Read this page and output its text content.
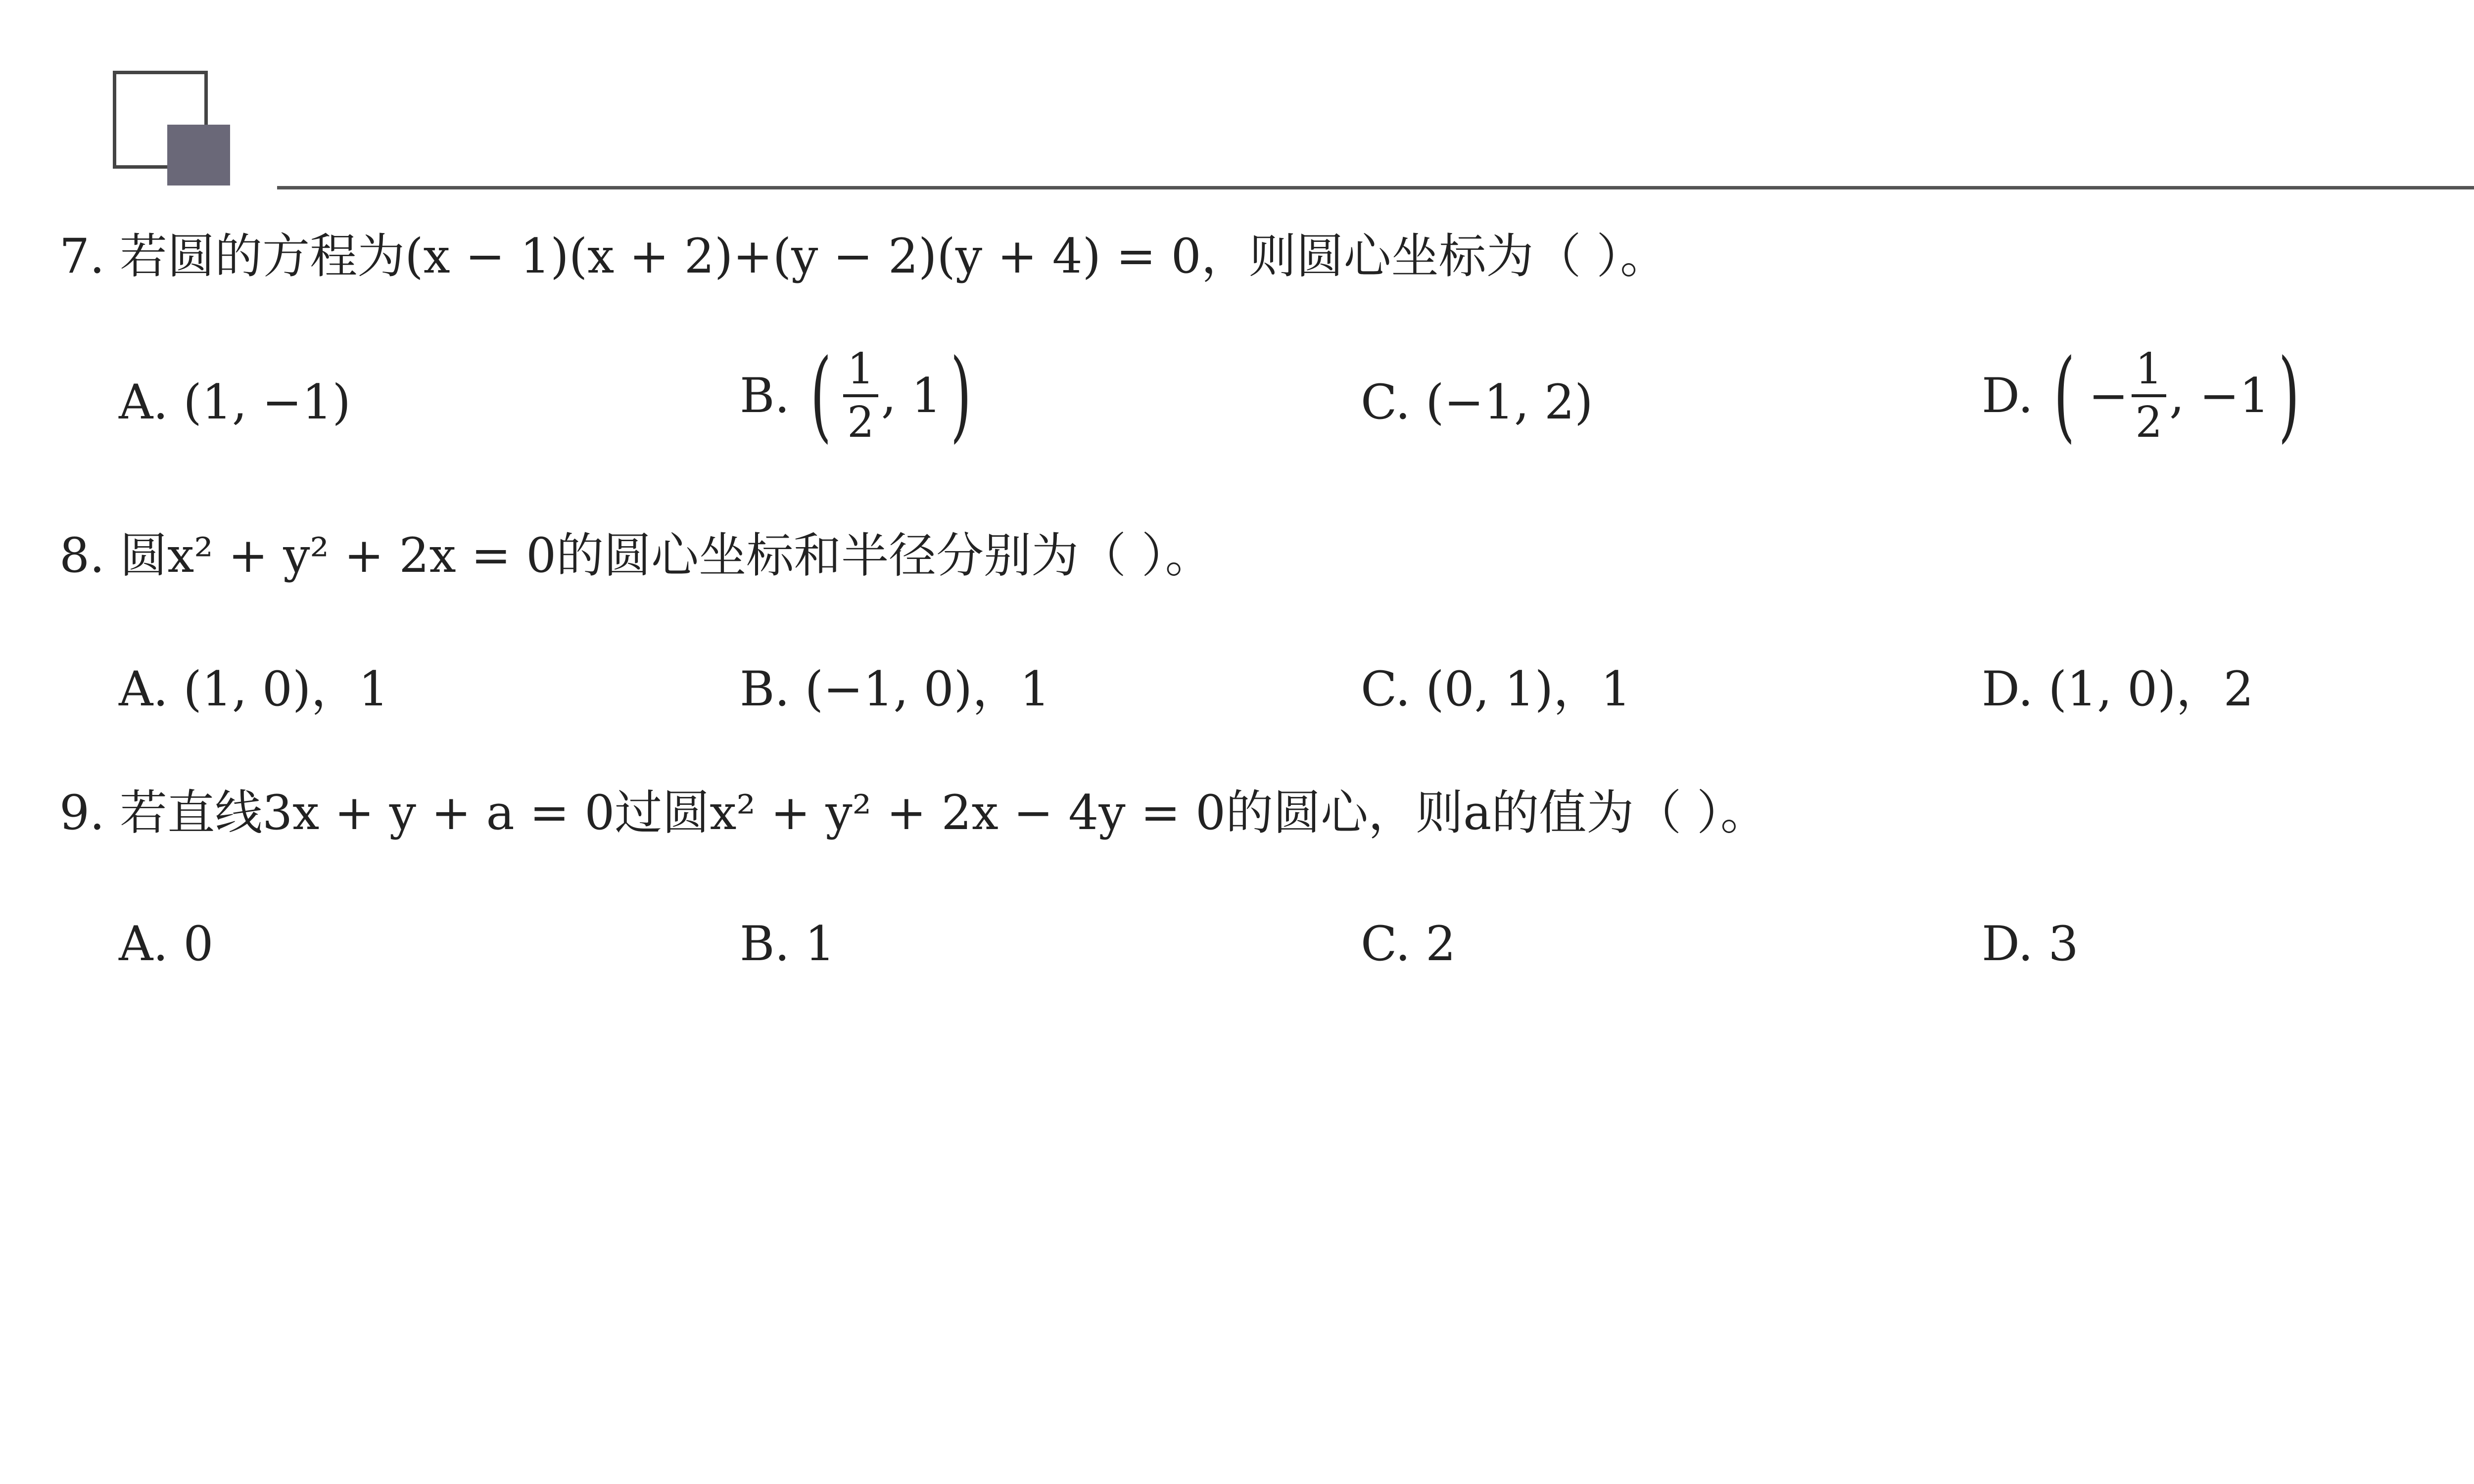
7. 若圆的方程为(x − 1)(x + 2)+(y − 2)(y + 4) = 0，则圆心坐标为（ ）。
A. (1, −1)	B. ( $\frac{1}{2}$ , 1 )	C. (−1, 2)	D. ( − $\frac{1}{2}$ , −1 )
8. 圆x² + y² + 2x = 0的圆心坐标和半径分别为（ ）。
A. (1, 0)，1	B. (−1, 0)，1	C. (0, 1)，1	D. (1, 0)，2
9. 若直线3x + y + a = 0过圆x² + y² + 2x − 4y = 0的圆心，则a的值为（ ）。
A. 0	B. 1	C. 2	D. 3
